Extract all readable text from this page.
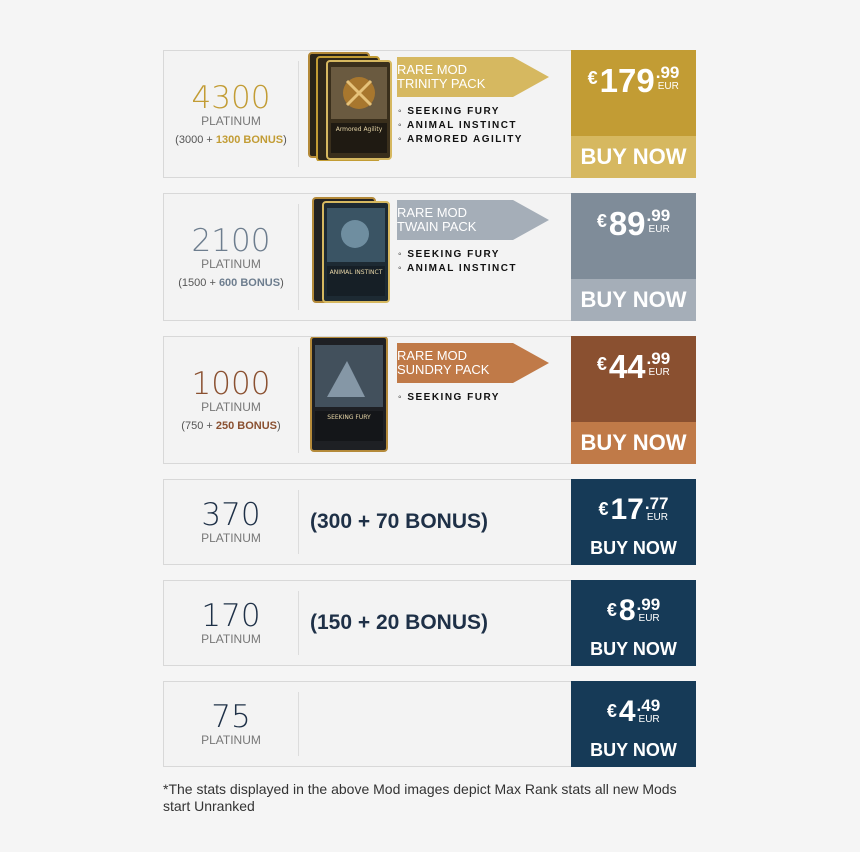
4300
PLATINUM
(3000 + 1300 BONUS)
Armored Agility
RARE MOD
TRINITY PACK
◦ SEEKING FURY
◦ ANIMAL INSTINCT
◦ ARMORED AGILITY
€ 179 .99
EUR
BUY NOW
2100
PLATINUM
(1500 + 600 BONUS)
ANIMAL INSTINCT
RARE MOD
TWAIN PACK
◦ SEEKING FURY
◦ ANIMAL INSTINCT
€ 89 .99
EUR
BUY NOW
1000
PLATINUM
(750 + 250 BONUS)
SEEKING FURY
RARE MOD
SUNDRY PACK
◦ SEEKING FURY
€ 44 .99
EUR
BUY NOW
370
PLATINUM
(300 + 70 BONUS)
€ 17 .77
EUR
BUY NOW
170
PLATINUM
(150 + 20 BONUS)
€ 8 .99
EUR
BUY NOW
75
PLATINUM
€ 4 .49
EUR
BUY NOW
*The stats displayed in the above Mod images depict Max Rank stats all new Mods start Unranked
